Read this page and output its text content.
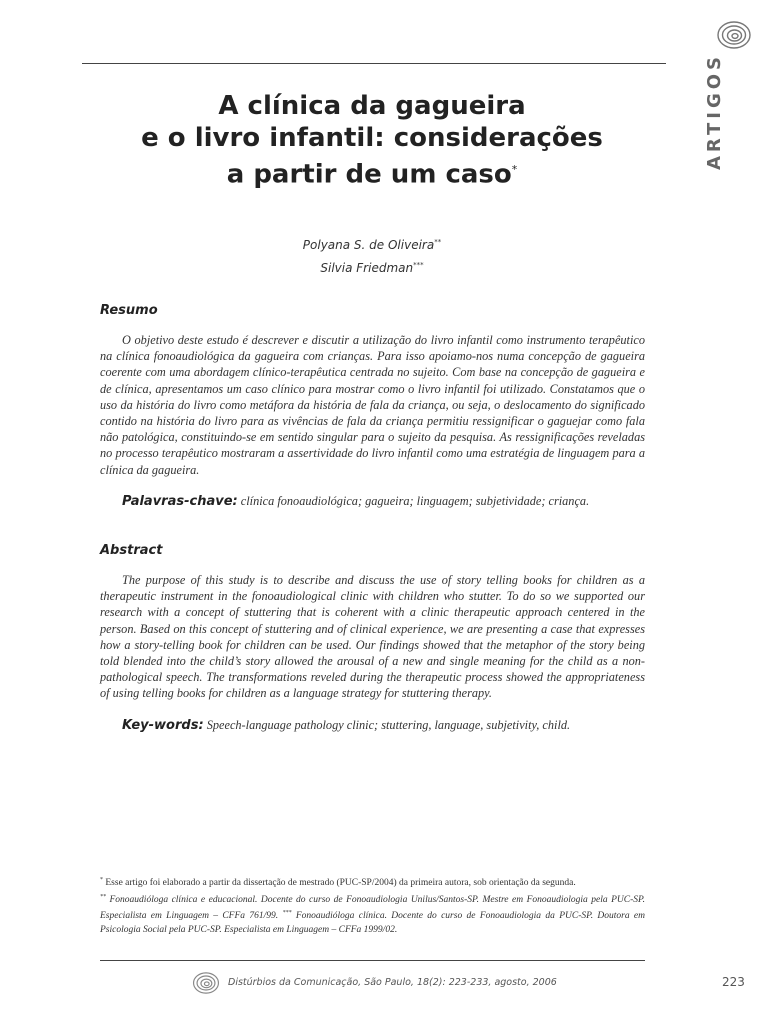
ARTIGOS
A clínica da gagueira
e o livro infantil: considerações
a partir de um caso*
Polyana S. de Oliveira**
Silvia Friedman***
Resumo

O objetivo deste estudo é descrever e discutir a utilização do livro infantil como instrumento terapêutico na clínica fonoaudiológica da gagueira com crianças. Para isso apoiamo-nos numa concepção de gagueira coerente com uma abordagem clínico-terapêutica centrada no sujeito. Com base na concepção de gagueira e de clínica, apresentamos um caso clínico para mostrar como o livro infantil foi utilizado. Constatamos que o uso da história do livro como metáfora da história de fala da criança, ou seja, o deslocamento do significado contido na história do livro para as vivências de fala da criança permitiu ressignificar o gaguejar como fala não patológica, constituindo-se em sentido singular para o sujeito da pesquisa. As ressignificações reveladas no processo terapêutico mostraram a assertividade do livro infantil como uma estratégia de linguagem para a clínica da gagueira.

Palavras-chave: clínica fonoaudiológica; gagueira; linguagem; subjetividade; criança.

Abstract

The purpose of this study is to describe and discuss the use of story telling books for children as a therapeutic instrument in the fonoaudiological clinic with children who stutter. To do so we supported our research with a concept of stuttering that is coherent with a clinic therapeutic approach centered in the person. Based on this concept of stuttering and of clinical experience, we are presenting a case that expresses how a story-telling book for children can be used. Our findings showed that the metaphor of the story being told blended into the child’s story allowed the arousal of a new and single meaning for the child as a non-pathological speech. The transformations reveled during the therapeutic process showed the appropriateness of using telling books for children as a language strategy for stuttering therapy.

Key-words: Speech-language pathology clinic; stuttering, language, subjetivity, child.

* Esse artigo foi elaborado a partir da dissertação de mestrado (PUC-SP/2004) da primeira autora, sob orientação da segunda.

** Fonoaudióloga clínica e educacional. Docente do curso de Fonoaudiologia Unilus/Santos-SP. Mestre em Fonoaudiologia pela PUC-SP. Especialista em Linguagem – CFFa 761/99. *** Fonoaudióloga clínica. Docente do curso de Fonoaudiologia da PUC-SP. Doutora em Psicologia Social pela PUC-SP. Especialista em Linguagem – CFFa 1999/02.

Distúrbios da Comunicação, São Paulo, 18(2): 223-233, agosto, 2006	223
